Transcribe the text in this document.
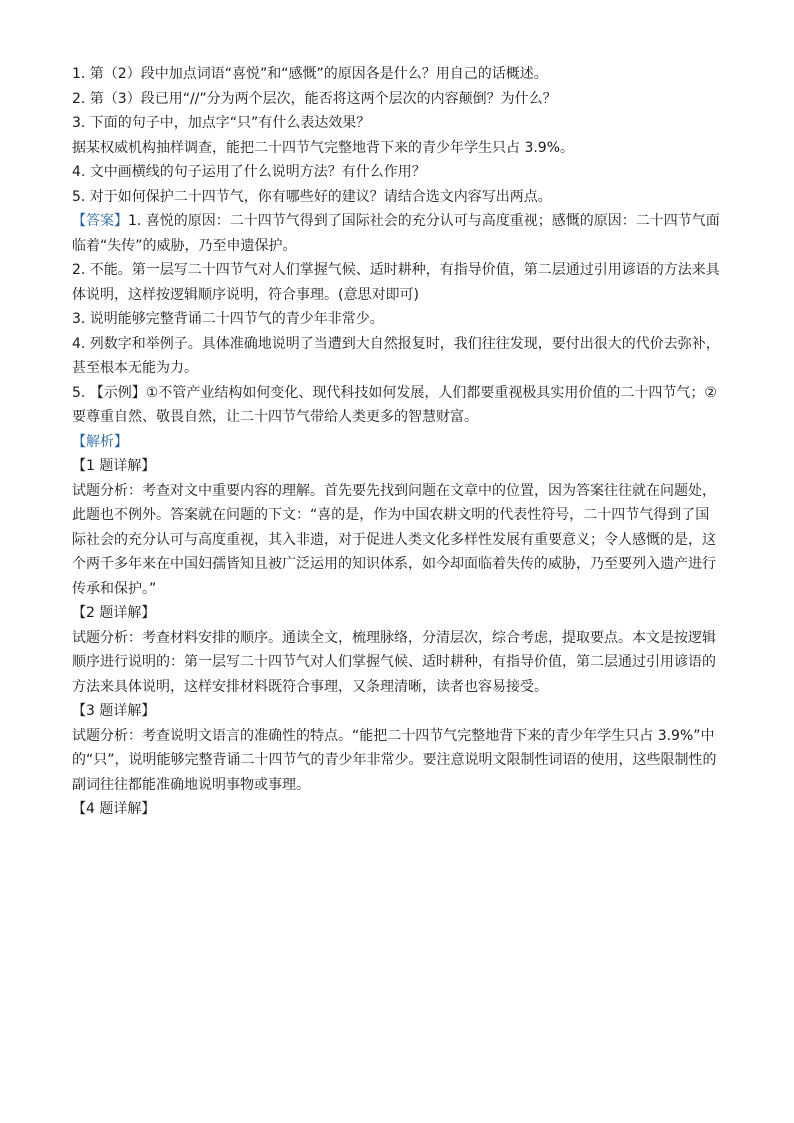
1. 第（2）段中加点词语“喜悦”和“感慨”的原因各是什么？用自己的话概述。
2. 第（3）段已用“//”分为两个层次，能否将这两个层次的内容颠倒？为什么？
3. 下面的句子中，加点字“只”有什么表达效果？
据某权威机构抽样调查，能把二十四节气完整地背下来的青少年学生只占 3.9%。
4. 文中画横线的句子运用了什么说明方法？有什么作用？
5. 对于如何保护二十四节气，你有哪些好的建议？请结合选文内容写出两点。
【答案】1. 喜悦的原因：二十四节气得到了国际社会的充分认可与高度重视；感慨的原因：二十四节气面
临着“失传”的威胁，乃至申遗保护。
2. 不能。第一层写二十四节气对人们掌握气候、适时耕种，有指导价值，第二层通过引用谚语的方法来具
体说明，这样按逻辑顺序说明，符合事理。(意思对即可)
3. 说明能够完整背诵二十四节气的青少年非常少。
4. 列数字和举例子。具体准确地说明了当遭到大自然报复时，我们往往发现，要付出很大的代价去弥补，
甚至根本无能为力。
5. 【示例】①不管产业结构如何变化、现代科技如何发展，人们都要重视极具实用价值的二十四节气；②
要尊重自然、敬畏自然，让二十四节气带给人类更多的智慧财富。
【解析】
【1 题详解】
试题分析：考查对文中重要内容的理解。首先要先找到问题在文章中的位置，因为答案往往就在问题处，
此题也不例外。答案就在问题的下文：“喜的是，作为中国农耕文明的代表性符号，二十四节气得到了国
际社会的充分认可与高度重视，其入非遗，对于促进人类文化多样性发展有重要意义；令人感慨的是，这
个两千多年来在中国妇孺皆知且被广泛运用的知识体系，如今却面临着失传的威胁，乃至要列入遗产进行
传承和保护。”
【2 题详解】
试题分析：考查材料安排的顺序。通读全文，梳理脉络，分清层次，综合考虑，提取要点。本文是按逻辑
顺序进行说明的：第一层写二十四节气对人们掌握气候、适时耕种，有指导价值，第二层通过引用谚语的
方法来具体说明，这样安排材料既符合事理，又条理清晰，读者也容易接受。
【3 题详解】
试题分析：考查说明文语言的准确性的特点。“能把二十四节气完整地背下来的青少年学生只占 3.9%”中
的“只”，说明能够完整背诵二十四节气的青少年非常少。要注意说明文限制性词语的使用，这些限制性的
副词往往都能准确地说明事物或事理。
【4 题详解】
